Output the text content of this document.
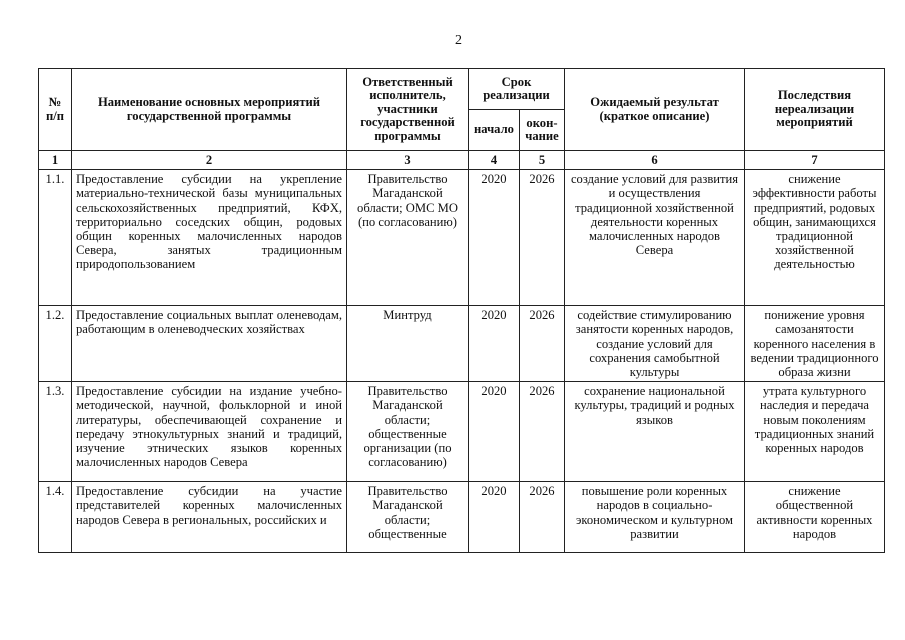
2
№ п/п	Наименование основных мероприятий государственной программы	Ответственный исполнитель, участники государственной программы	Срок реализации		Ожидаемый результат (краткое описание)	Последствия нереализации мероприятий
			начало	окон-чание		
1	2	3	4	5	6	7
1.1.	Предоставление субсидии на укрепление материально-технической базы муниципальных сельскохозяйственных предприятий, КФХ, территориально соседских общин, родовых общин коренных малочисленных народов Севера, занятых традиционным природопользованием	Правительство Магаданской области; ОМС МО (по согласованию)	2020	2026	создание условий для развития и осуществления традиционной хозяйственной деятельности коренных малочисленных народов Севера	снижение эффективности работы предприятий, родовых общин, занимающихся традиционной хозяйственной деятельностью
1.2.	Предоставление социальных выплат оленеводам, работающим в оленеводческих хозяйствах	Минтруд	2020	2026	содействие стимулированию занятости коренных народов, создание условий для сохранения самобытной культуры	понижение уровня самозанятости коренного населения в ведении традиционного образа жизни
1.3.	Предоставление субсидии на издание учебно-методической, научной, фольклорной и иной литературы, обеспечивающей сохранение и передачу этнокультурных знаний и традиций, изучение этнических языков коренных малочисленных народов Севера	Правительство Магаданской области; общественные организации (по согласованию)	2020	2026	сохранение национальной культуры, традиций и родных языков	утрата культурного наследия и передача новым поколениям традиционных знаний коренных народов
1.4.	Предоставление субсидии на участие представителей коренных малочисленных народов Севера в региональных, российских и	Правительство Магаданской области; общественные	2020	2026	повышение роли коренных народов в социально-экономическом и культурном развитии	снижение общественной активности коренных народов
